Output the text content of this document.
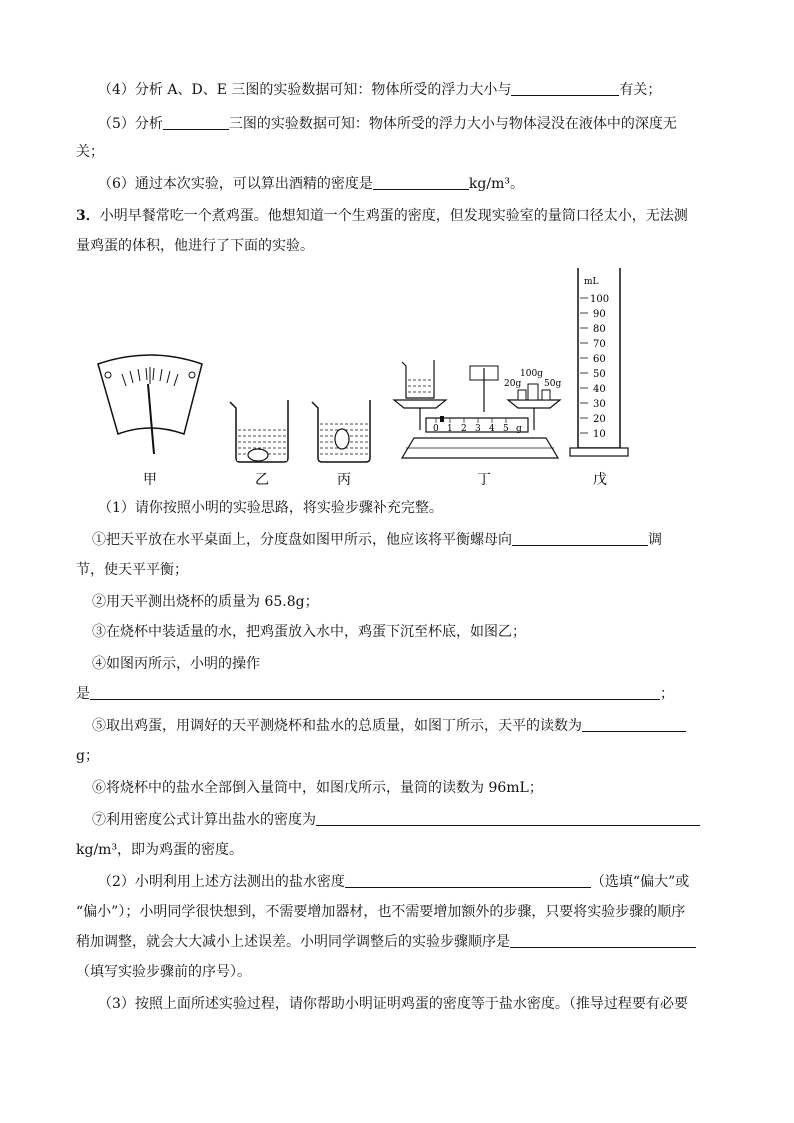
（4）分析 A、D、E 三图的实验数据可知：物体所受的浮力大小与	有关；
（5）分析	三图的实验数据可知：物体所受的浮力大小与物体浸没在液体中的深度无
关；
（6）通过本次实验，可以算出酒精的密度是	kg/m³。
3．小明早餐常吃一个煮鸡蛋。他想知道一个生鸡蛋的密度，但发现实验室的量筒口径太小，无法测
量鸡蛋的体积，他进行了下面的实验。
20g
100g
50g
0 1 2 3 4 5 g
mL
100
90
80
70
60
50
40
30
20
10
甲	乙	丙	丁	戊
（1）请你按照小明的实验思路，将实验步骤补充完整。
①把天平放在水平桌面上，分度盘如图甲所示，他应该将平衡螺母向	调
节，使天平平衡；
②用天平测出烧杯的质量为 65.8g；
③在烧杯中装适量的水，把鸡蛋放入水中，鸡蛋下沉至杯底，如图乙；
④如图丙所示，小明的操作
是	；
⑤取出鸡蛋，用调好的天平测烧杯和盐水的总质量，如图丁所示，天平的读数为
g；
⑥将烧杯中的盐水全部倒入量筒中，如图戊所示，量筒的读数为 96mL；
⑦利用密度公式计算出盐水的密度为
kg/m³，即为鸡蛋的密度。
（2）小明利用上述方法测出的盐水密度	（选填“偏大”或
“偏小”）；小明同学很快想到，不需要增加器材，也不需要增加额外的步骤，只要将实验步骤的顺序
稍加调整，就会大大减小上述误差。小明同学调整后的实验步骤顺序是
（填写实验步骤前的序号）。
（3）按照上面所述实验过程，请你帮助小明证明鸡蛋的密度等于盐水密度。（推导过程要有必要
